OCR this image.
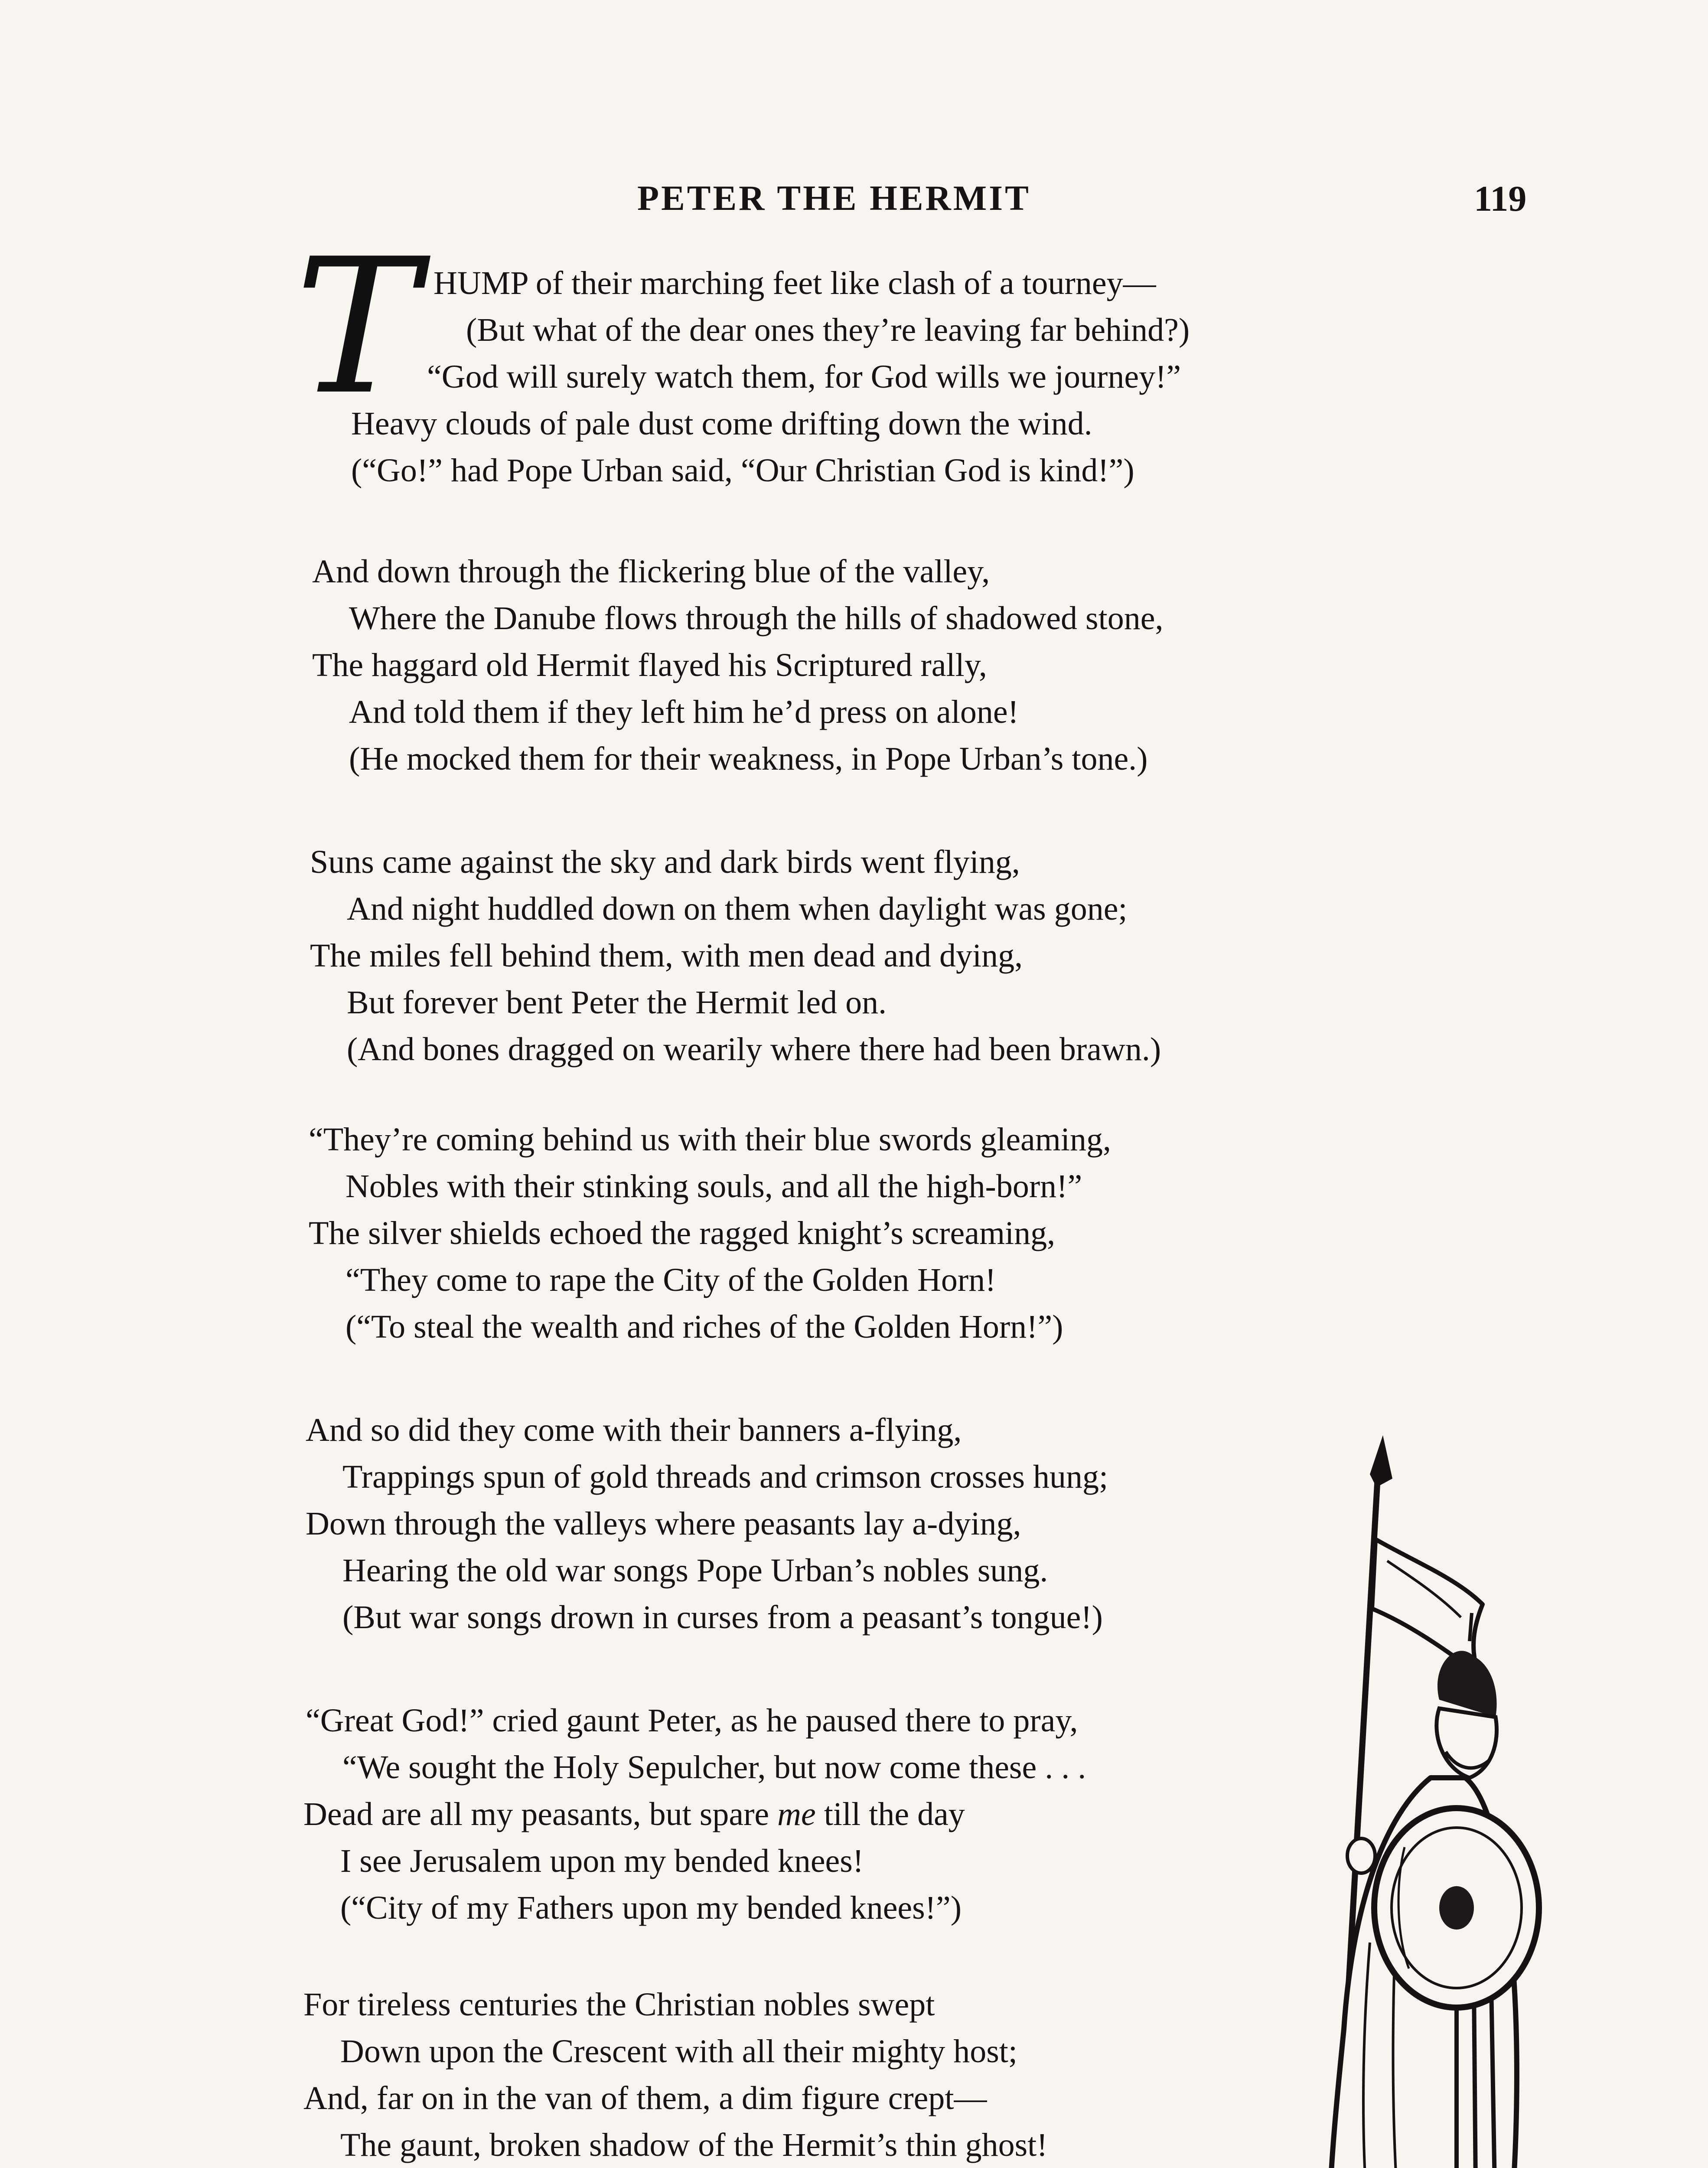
PETER THE HERMIT	119
T HUMP of their marching feet like clash of a tourney—
(But what of the dear ones they’re leaving far behind?)
“God will surely watch them, for God wills we journey!”
Heavy clouds of pale dust come drifting down the wind.
(“Go!” had Pope Urban said, “Our Christian God is kind!”)
And down through the flickering blue of the valley,
Where the Danube flows through the hills of shadowed stone,
The haggard old Hermit flayed his Scriptured rally,
And told them if they left him he’d press on alone!
(He mocked them for their weakness, in Pope Urban’s tone.)
Suns came against the sky and dark birds went flying,
And night huddled down on them when daylight was gone;
The miles fell behind them, with men dead and dying,
But forever bent Peter the Hermit led on.
(And bones dragged on wearily where there had been brawn.)
“They’re coming behind us with their blue swords gleaming,
Nobles with their stinking souls, and all the high-born!”
The silver shields echoed the ragged knight’s screaming,
“They come to rape the City of the Golden Horn!
(“To steal the wealth and riches of the Golden Horn!”)
And so did they come with their banners a-flying,
Trappings spun of gold threads and crimson crosses hung;
Down through the valleys where peasants lay a-dying,
Hearing the old war songs Pope Urban’s nobles sung.
(But war songs drown in curses from a peasant’s tongue!)
“Great God!” cried gaunt Peter, as he paused there to pray,
“We sought the Holy Sepulcher, but now come these . . .
Dead are all my peasants, but spare me till the day
I see Jerusalem upon my bended knees!
(“City of my Fathers upon my bended knees!”)
For tireless centuries the Christian nobles swept
Down upon the Crescent with all their mighty host;
And, far on in the van of them, a dim figure crept—
The gaunt, broken shadow of the Hermit’s thin ghost!
